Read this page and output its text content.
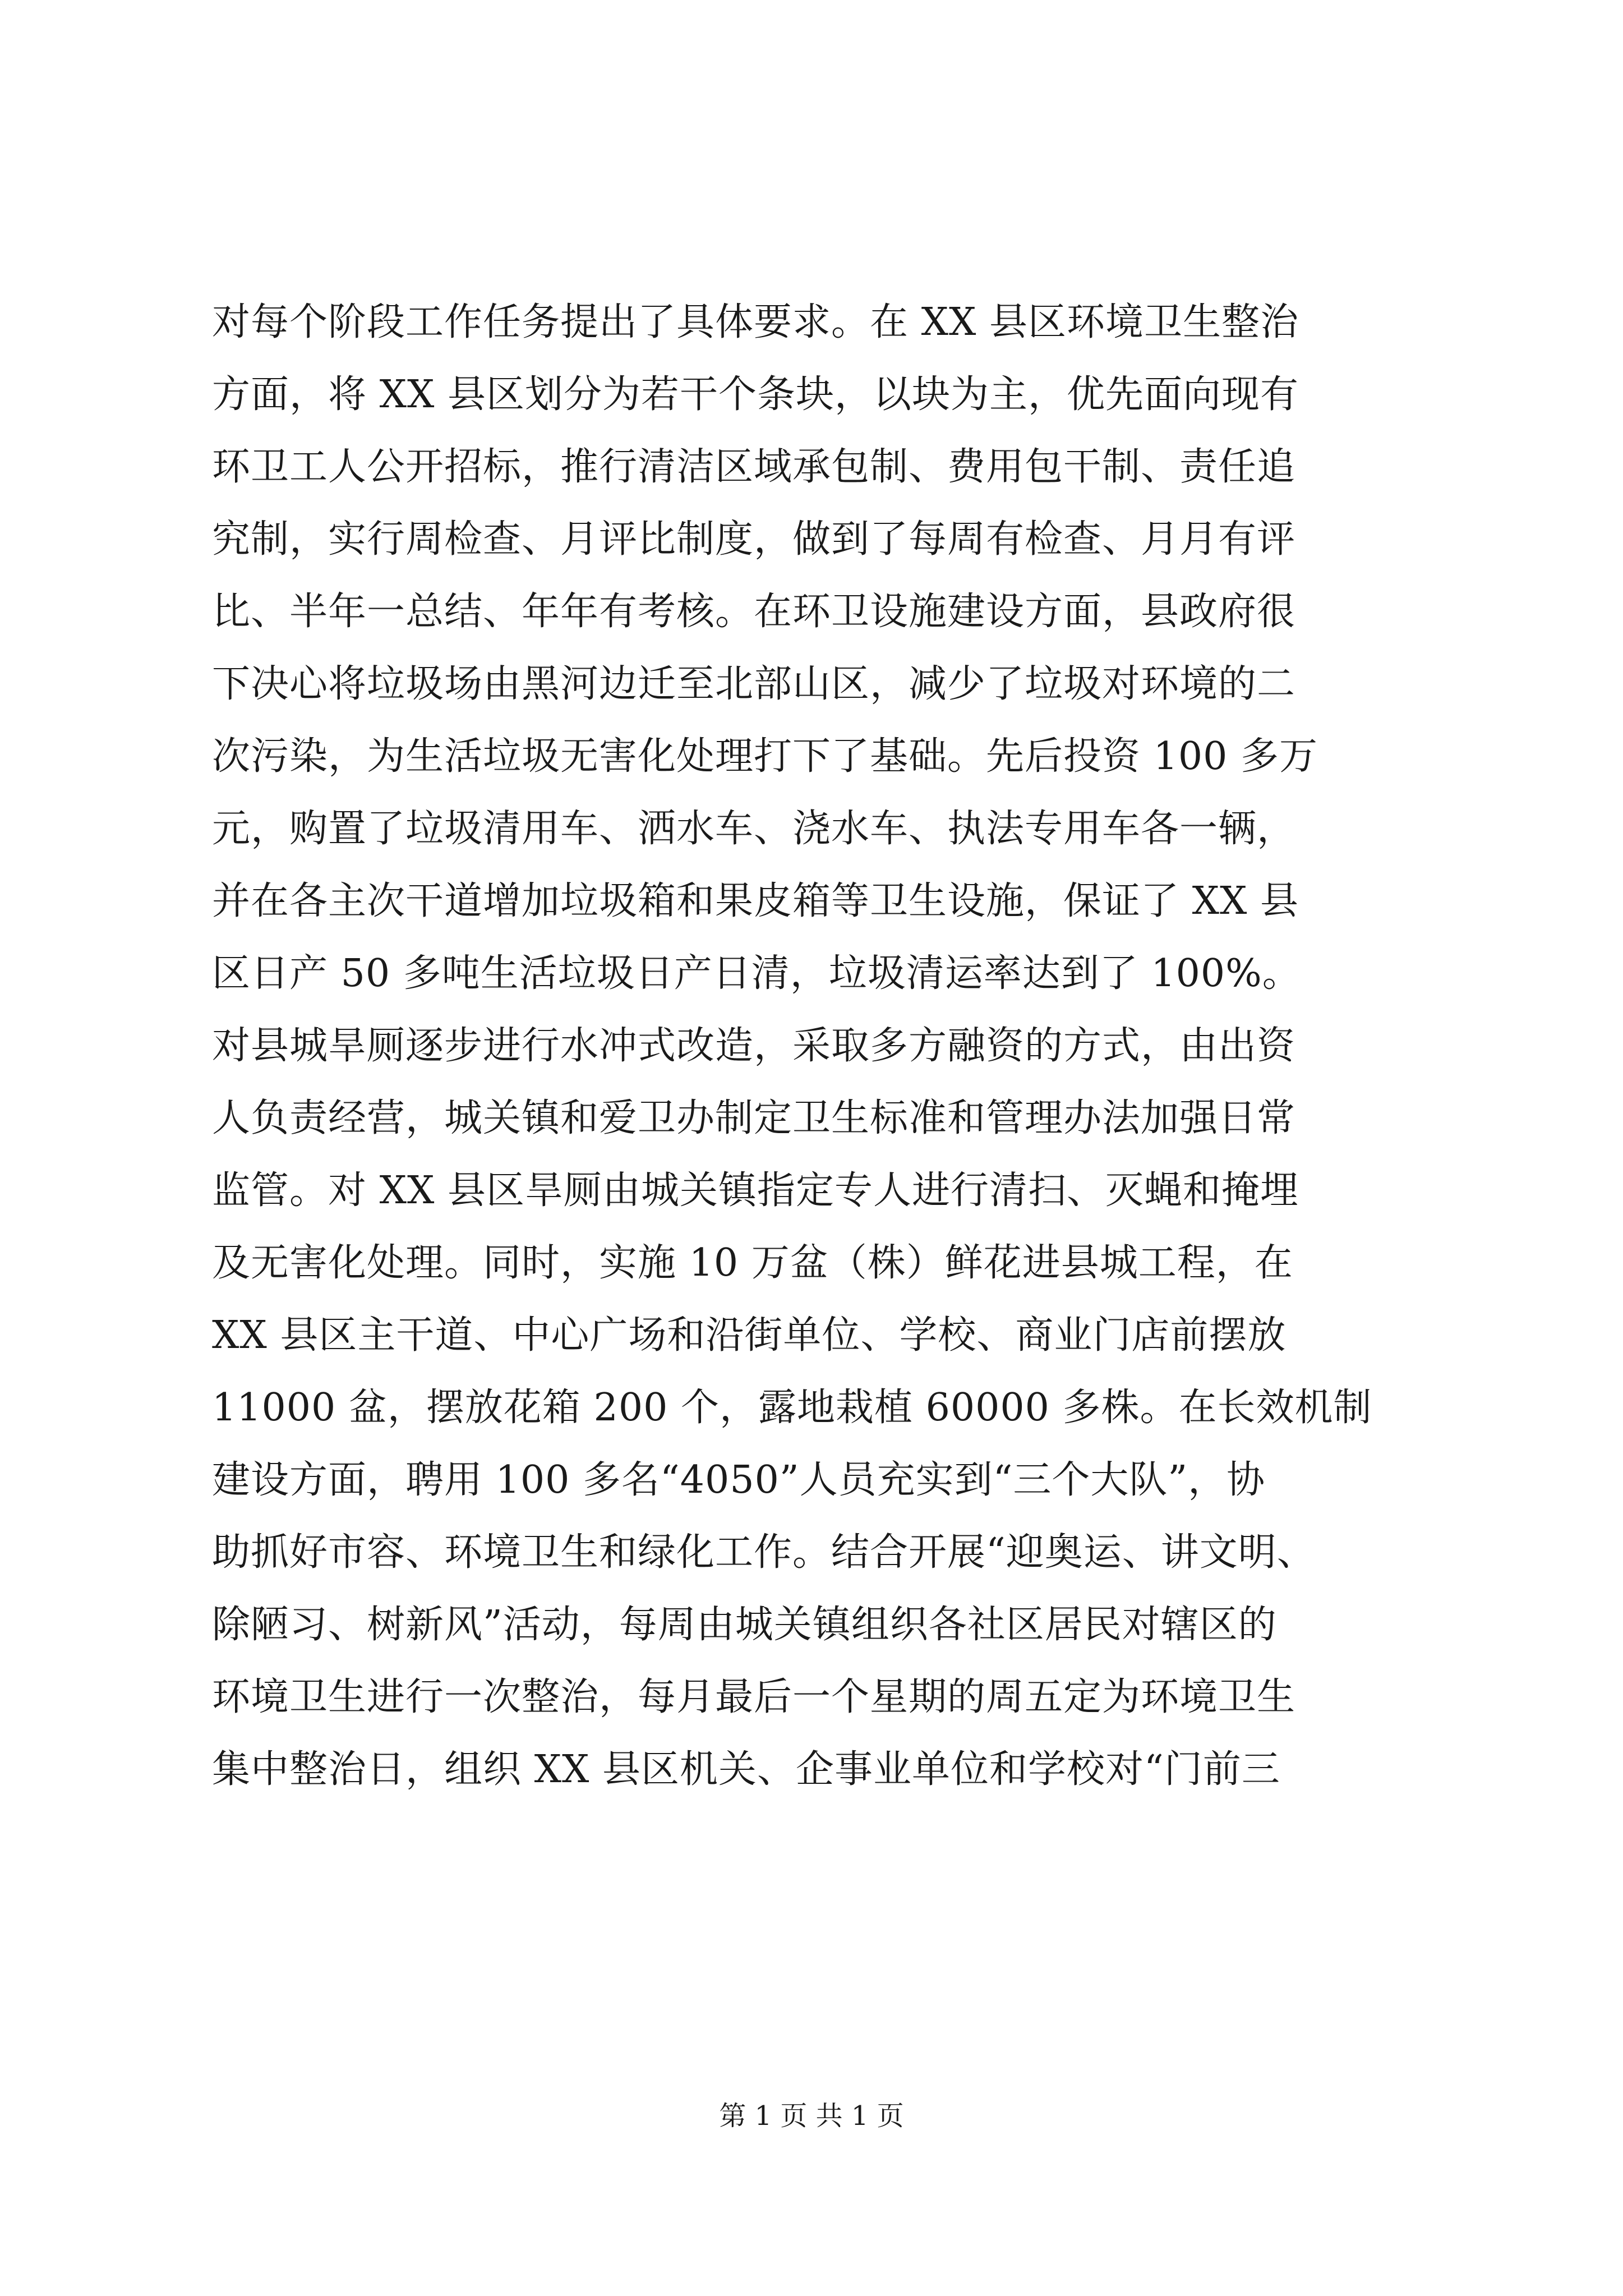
对每个阶段工作任务提出了具体要求。在 XX 县区环境卫生整治
方面，将 XX 县区划分为若干个条块，以块为主，优先面向现有
环卫工人公开招标，推行清洁区域承包制、费用包干制、责任追
究制，实行周检查、月评比制度，做到了每周有检查、月月有评
比、半年一总结、年年有考核。在环卫设施建设方面，县政府很
下决心将垃圾场由黑河边迁至北部山区，减少了垃圾对环境的二
次污染，为生活垃圾无害化处理打下了基础。先后投资 100 多万
元，购置了垃圾清用车、洒水车、浇水车、执法专用车各一辆，
并在各主次干道增加垃圾箱和果皮箱等卫生设施，保证了 XX 县
区日产 50 多吨生活垃圾日产日清，垃圾清运率达到了 100%。
对县城旱厕逐步进行水冲式改造，采取多方融资的方式，由出资
人负责经营，城关镇和爱卫办制定卫生标准和管理办法加强日常
监管。对 XX 县区旱厕由城关镇指定专人进行清扫、灭蝇和掩埋
及无害化处理。同时，实施 10 万盆（株）鲜花进县城工程，在
XX 县区主干道、中心广场和沿街单位、学校、商业门店前摆放
11000 盆，摆放花箱 200 个，露地栽植 60000 多株。在长效机制
建设方面，聘用 100 多名“4050”人员充实到“三个大队”，协
助抓好市容、环境卫生和绿化工作。结合开展“迎奥运、讲文明、
除陋习、树新风”活动，每周由城关镇组织各社区居民对辖区的
环境卫生进行一次整治，每月最后一个星期的周五定为环境卫生
集中整治日，组织 XX 县区机关、企事业单位和学校对“门前三
第 1 页 共 1 页
